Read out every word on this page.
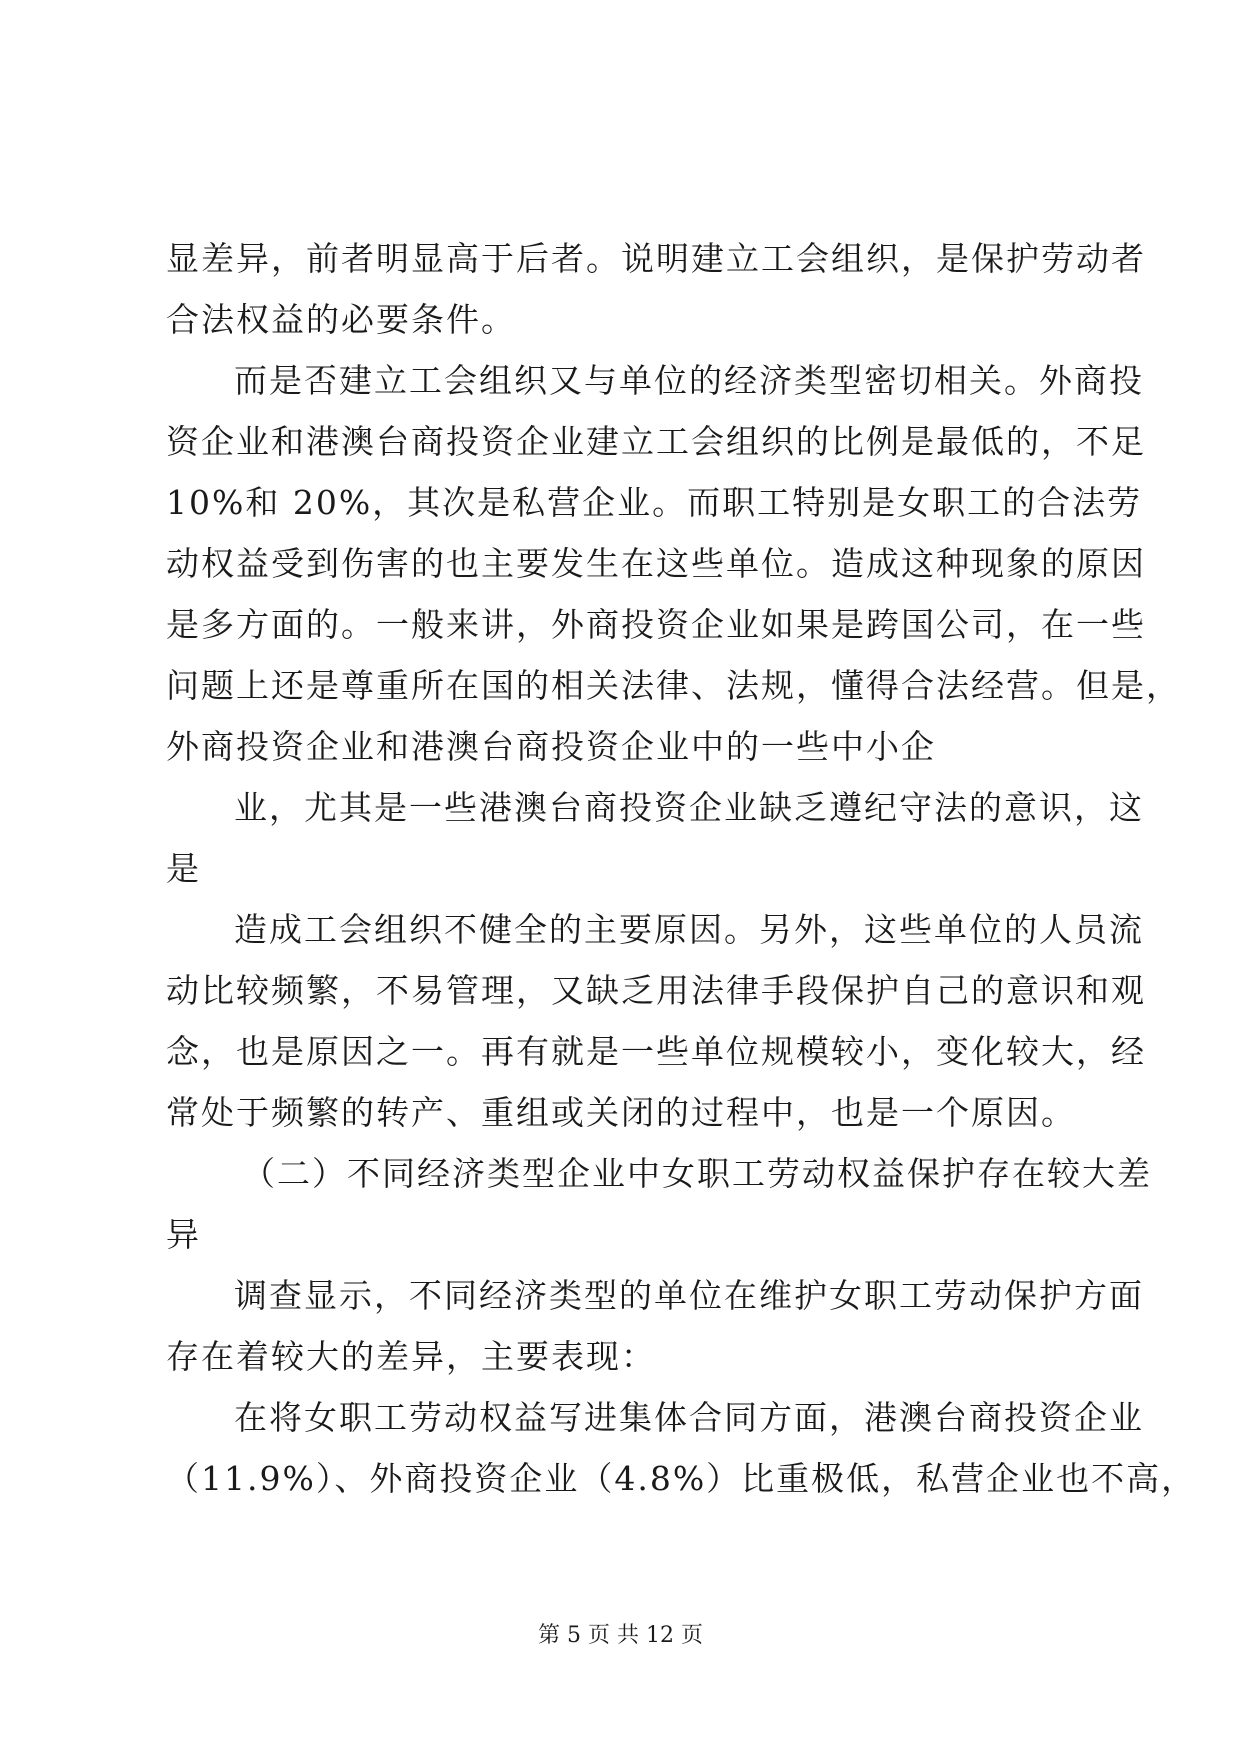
显差异，前者明显高于后者。说明建立工会组织，是保护劳动者
合法权益的必要条件。
而是否建立工会组织又与单位的经济类型密切相关。外商投
资企业和港澳台商投资企业建立工会组织的比例是最低的，不足
10%和 20%，其次是私营企业。而职工特别是女职工的合法劳
动权益受到伤害的也主要发生在这些单位。造成这种现象的原因
是多方面的。一般来讲，外商投资企业如果是跨国公司，在一些
问题上还是尊重所在国的相关法律、法规，懂得合法经营。但是，
外商投资企业和港澳台商投资企业中的一些中小企
业，尤其是一些港澳台商投资企业缺乏遵纪守法的意识，这
是
造成工会组织不健全的主要原因。另外，这些单位的人员流
动比较频繁，不易管理，又缺乏用法律手段保护自己的意识和观
念，也是原因之一。再有就是一些单位规模较小，变化较大，经
常处于频繁的转产、重组或关闭的过程中，也是一个原因。
（二）不同经济类型企业中女职工劳动权益保护存在较大差
异
调查显示，不同经济类型的单位在维护女职工劳动保护方面
存在着较大的差异，主要表现：
在将女职工劳动权益写进集体合同方面，港澳台商投资企业
（11.9%）、外商投资企业（4.8%）比重极低，私营企业也不高，
第 5 页 共 12 页
